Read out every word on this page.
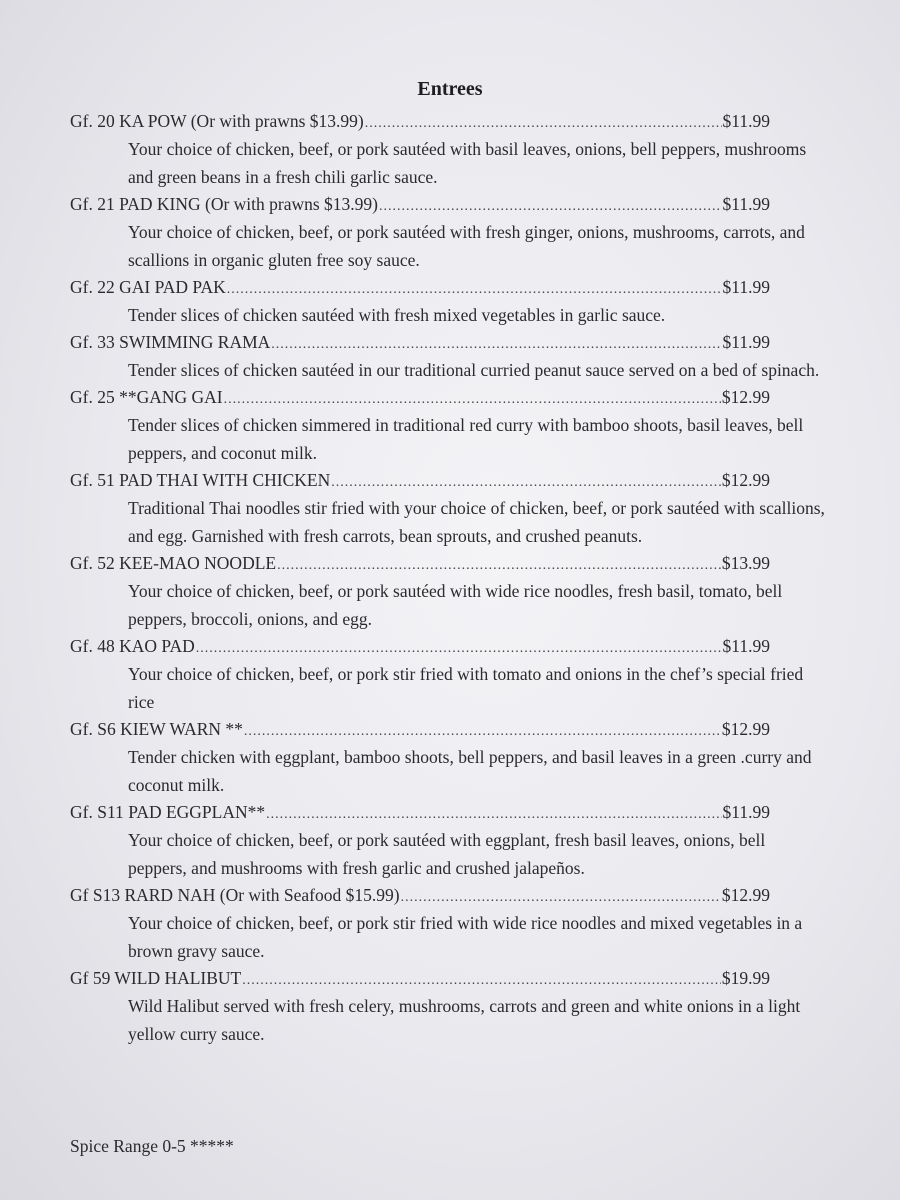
Entrees
Gf. 20 KA POW (Or with prawns $13.99) .....	$11.99
Your choice of chicken, beef, or pork sautéed with basil leaves, onions, bell peppers, mushrooms and green beans in a fresh chili garlic sauce.
Gf. 21 PAD KING (Or with prawns $13.99) .....	$11.99
Your choice of chicken, beef, or pork sautéed with fresh ginger, onions, mushrooms, carrots, and scallions in organic gluten free soy sauce.
Gf. 22 GAI PAD PAK .....	$11.99
Tender slices of chicken sautéed with fresh mixed vegetables in garlic sauce.
Gf. 33 SWIMMING RAMA .....	$11.99
Tender slices of chicken sautéed in our traditional curried peanut sauce served on a bed of spinach.
Gf. 25 **GANG GAI .....	$12.99
Tender slices of chicken simmered in traditional red curry with bamboo shoots, basil leaves, bell peppers, and coconut milk.
Gf. 51 PAD THAI WITH CHICKEN .....	$12.99
Traditional Thai noodles stir fried with your choice of chicken, beef, or pork sautéed with scallions, and egg. Garnished with fresh carrots, bean sprouts, and crushed peanuts.
Gf. 52 KEE-MAO NOODLE .....	$13.99
Your choice of chicken, beef, or pork sautéed with wide rice noodles, fresh basil, tomato, bell peppers, broccoli, onions, and egg.
Gf. 48 KAO PAD .....	$11.99
Your choice of chicken, beef, or pork stir fried with tomato and onions in the chef’s special fried rice
Gf. S6 KIEW WARN ** .....	$12.99
Tender chicken with eggplant, bamboo shoots, bell peppers, and basil leaves in a green .curry and coconut milk.
Gf. S11 PAD EGGPLAN** .....	$11.99
Your choice of chicken, beef, or pork sautéed with eggplant, fresh basil leaves, onions, bell peppers, and mushrooms with fresh garlic and crushed jalapeños.
Gf S13 RARD NAH (Or with Seafood $15.99) .....	$12.99
Your choice of chicken, beef, or pork stir fried with wide rice noodles and mixed vegetables in a brown gravy sauce.
Gf 59 WILD HALIBUT .....	$19.99
Wild Halibut served with fresh celery, mushrooms, carrots and green and white onions in a light yellow curry sauce.
Spice Range 0-5 *****
